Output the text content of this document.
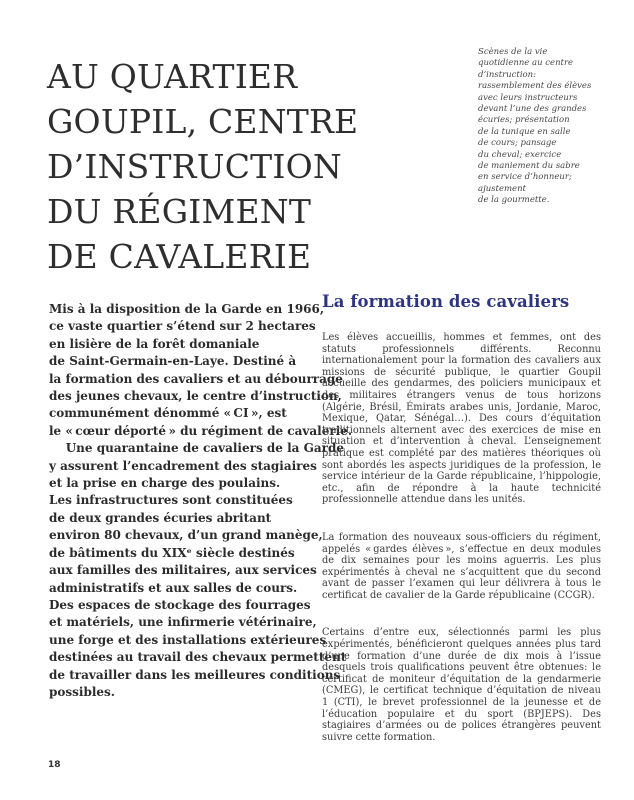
AU QUARTIER
GOUPIL, CENTRE
D’INSTRUCTION
DU RÉGIMENT
DE CAVALERIE
Scènes de la vie
quotidienne au centre
d’instruction:
rassemblement des élèves
avec leurs instructeurs
devant l’une des grandes
écuries; présentation
de la tunique en salle
de cours; pansage
du cheval; exercice
de maniement du sabre
en service d’honneur;
ajustement
de la gourmette.
Mis à la disposition de la Garde en 1966,
ce vaste quartier s’étend sur 2 hectares
en lisière de la forêt domaniale
de Saint-Germain-en-Laye. Destiné à
la formation des cavaliers et au débourrage
des jeunes chevaux, le centre d’instruction,
communément dénommé « CI », est
le « cœur déporté » du régiment de cavalerie.
Une quarantaine de cavaliers de la Garde
y assurent l’encadrement des stagiaires
et la prise en charge des poulains.
Les infrastructures sont constituées
de deux grandes écuries abritant
environ 80 chevaux, d’un grand manège,
de bâtiments du XIXᵉ siècle destinés
aux familles des militaires, aux services
administratifs et aux salles de cours.
Des espaces de stockage des fourrages
et matériels, une infirmerie vétérinaire,
une forge et des installations extérieures
destinées au travail des chevaux permettent
de travailler dans les meilleures conditions
possibles.
La formation des cavaliers

Les élèves accueillis, hommes et femmes, ont des statuts professionnels différents. Reconnu internationalement pour la formation des cavaliers aux missions de sécurité publique, le quartier Goupil accueille des gendarmes, des policiers municipaux et des militaires étrangers venus de tous horizons (Algérie, Brésil, Émirats arabes unis, Jordanie, Maroc, Mexique, Qatar, Sénégal…). Des cours d’équitation traditionnels alternent avec des exercices de mise en situation et d’intervention à cheval. L’enseignement pratique est complété par des matières théoriques où sont abordés les aspects juridiques de la profession, le service intérieur de la Garde républicaine, l’hippologie, etc., afin de répondre à la haute technicité professionnelle attendue dans les unités.

La formation des nouveaux sous-officiers du régiment, appelés « gardes élèves », s’effectue en deux modules de dix semaines pour les moins aguerris. Les plus expérimentés à cheval ne s’acquittent que du second avant de passer l’examen qui leur délivrera à tous le certificat de cavalier de la Garde républicaine (CCGR).

Certains d’entre eux, sélectionnés parmi les plus expérimentés, bénéficieront quelques années plus tard d’une formation d’une durée de dix mois à l’issue desquels trois qualifications peuvent être obtenues: le certificat de moniteur d’équitation de la gendarmerie (CMEG), le certificat technique d’équitation de niveau 1 (CTI), le brevet professionnel de la jeunesse et de l’éducation populaire et du sport (BPJEPS). Des stagiaires d’armées ou de polices étrangères peuvent suivre cette formation.

18
